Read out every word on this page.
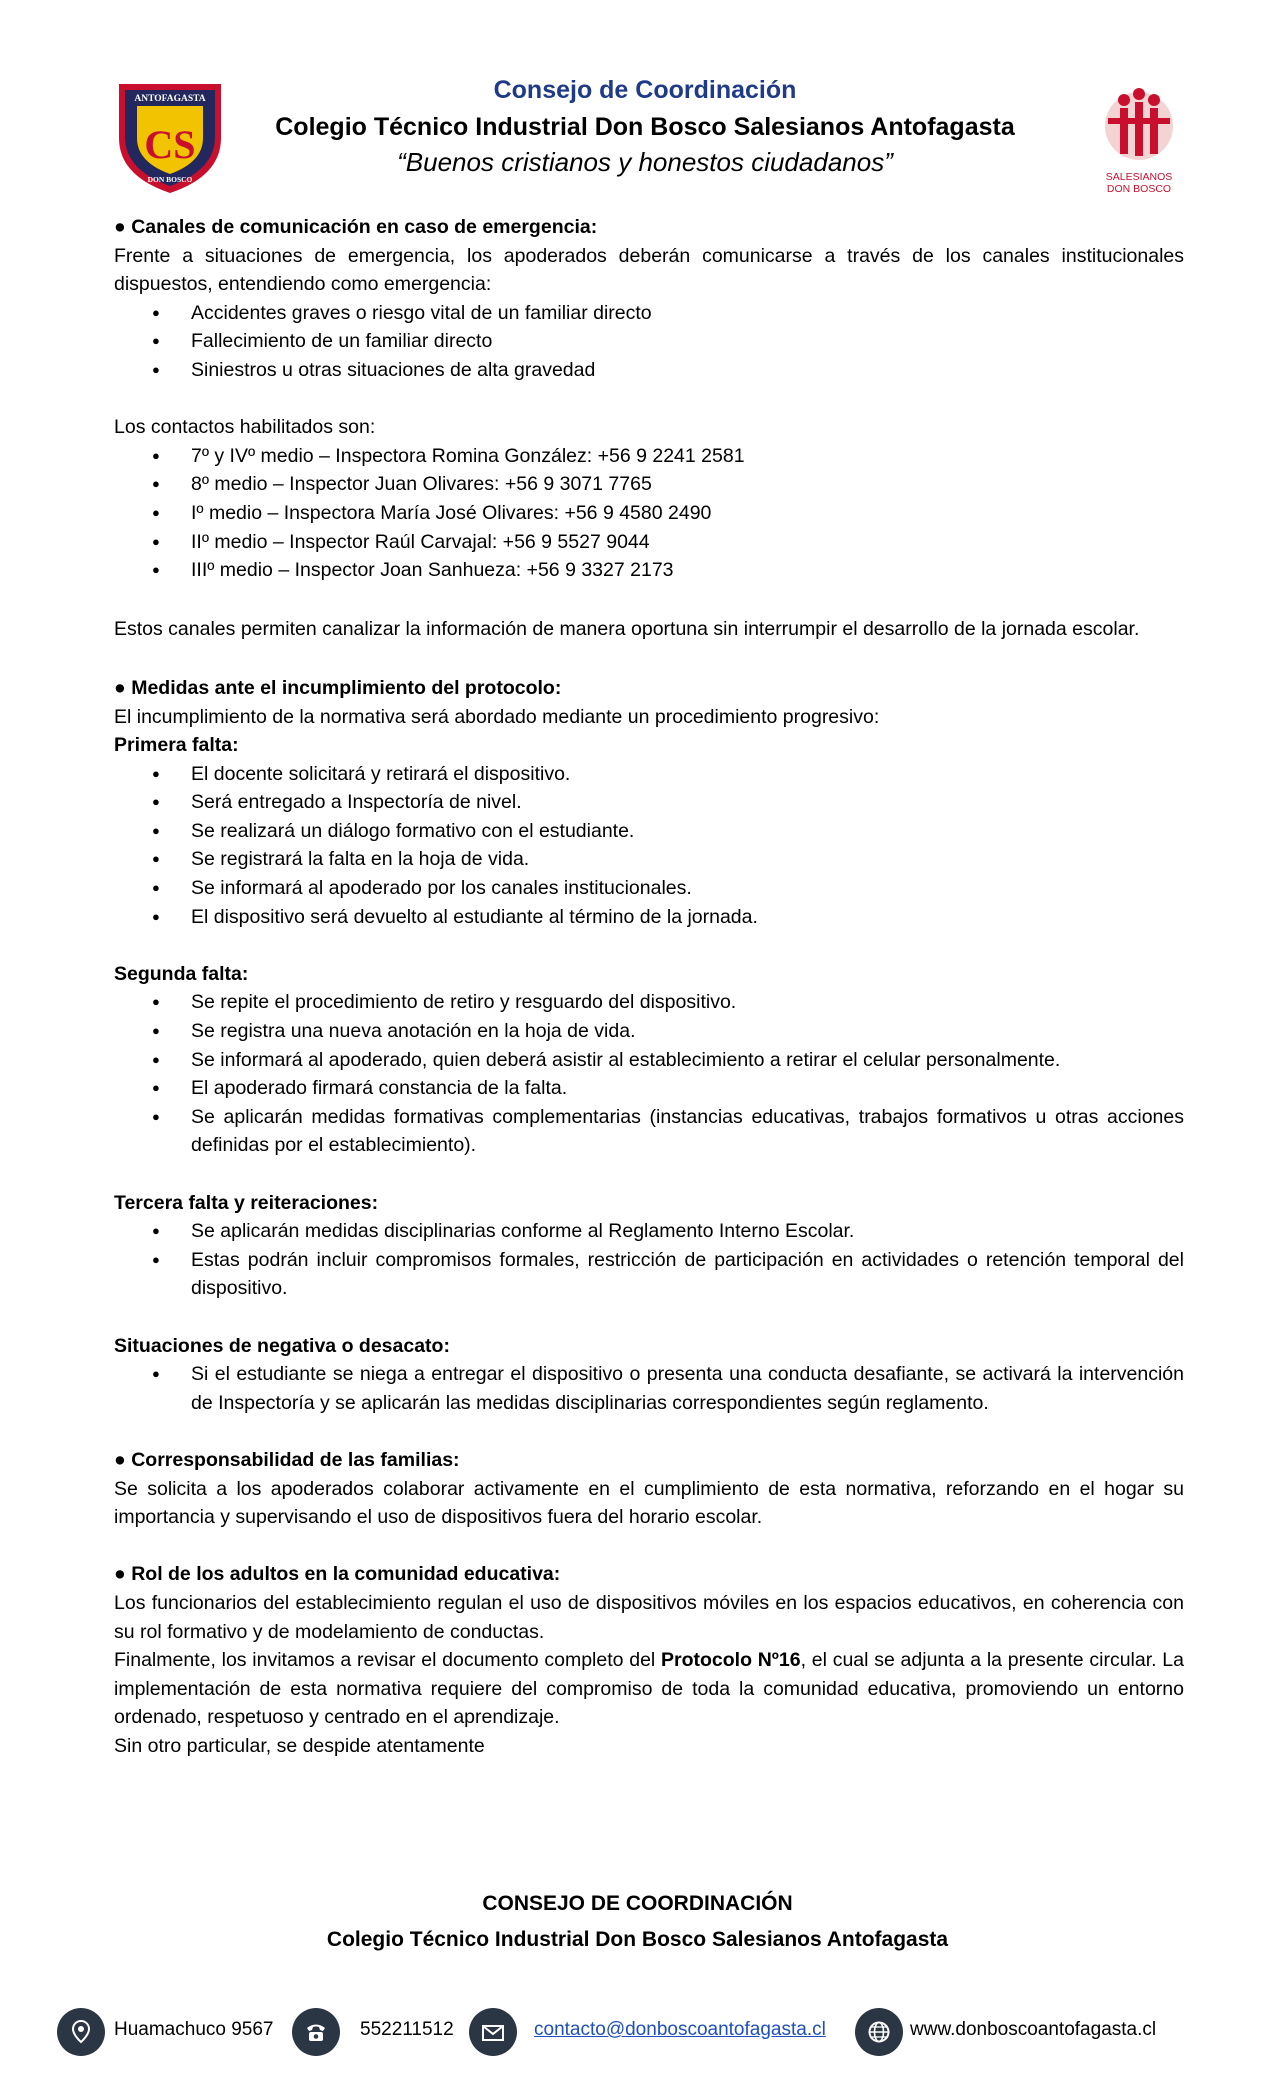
ANTOFAGASTA
CS
DON BOSCO
Consejo de Coordinación
Colegio Técnico Industrial Don Bosco Salesianos Antofagasta
“Buenos cristianos y honestos ciudadanos”	SALESIANOS
DON BOSCO

● Canales de comunicación en caso de emergencia:

Frente a situaciones de emergencia, los apoderados deberán comunicarse a través de los canales institucionales dispuestos, entendiendo como emergencia:

● Accidentes graves o riesgo vital de un familiar directo
● Fallecimiento de un familiar directo
● Siniestros u otras situaciones de alta gravedad

Los contactos habilitados son:

● 7º y IVº medio – Inspectora Romina González: +56 9 2241 2581
● 8º medio – Inspector Juan Olivares: +56 9 3071 7765
● Iº medio – Inspectora María José Olivares: +56 9 4580 2490
● IIº medio – Inspector Raúl Carvajal: +56 9 5527 9044
● IIIº medio – Inspector Joan Sanhueza: +56 9 3327 2173

Estos canales permiten canalizar la información de manera oportuna sin interrumpir el desarrollo de la jornada escolar.

● Medidas ante el incumplimiento del protocolo:

El incumplimiento de la normativa será abordado mediante un procedimiento progresivo:

Primera falta:

● El docente solicitará y retirará el dispositivo.
● Será entregado a Inspectoría de nivel.
● Se realizará un diálogo formativo con el estudiante.
● Se registrará la falta en la hoja de vida.
● Se informará al apoderado por los canales institucionales.
● El dispositivo será devuelto al estudiante al término de la jornada.

Segunda falta:

● Se repite el procedimiento de retiro y resguardo del dispositivo.
● Se registra una nueva anotación en la hoja de vida.
● Se informará al apoderado, quien deberá asistir al establecimiento a retirar el celular personalmente.
● El apoderado firmará constancia de la falta.
● Se aplicarán medidas formativas complementarias (instancias educativas, trabajos formativos u otras acciones definidas por el establecimiento).

Tercera falta y reiteraciones:

● Se aplicarán medidas disciplinarias conforme al Reglamento Interno Escolar.
● Estas podrán incluir compromisos formales, restricción de participación en actividades o retención temporal del dispositivo.

Situaciones de negativa o desacato:

● Si el estudiante se niega a entregar el dispositivo o presenta una conducta desafiante, se activará la intervención de Inspectoría y se aplicarán las medidas disciplinarias correspondientes según reglamento.

● Corresponsabilidad de las familias:

Se solicita a los apoderados colaborar activamente en el cumplimiento de esta normativa, reforzando en el hogar su importancia y supervisando el uso de dispositivos fuera del horario escolar.

● Rol de los adultos en la comunidad educativa:

Los funcionarios del establecimiento regulan el uso de dispositivos móviles en los espacios educativos, en coherencia con su rol formativo y de modelamiento de conductas.

Finalmente, los invitamos a revisar el documento completo del Protocolo Nº16, el cual se adjunta a la presente circular. La implementación de esta normativa requiere del compromiso de toda la comunidad educativa, promoviendo un entorno ordenado, respetuoso y centrado en el aprendizaje.

Sin otro particular, se despide atentamente

CONSEJO DE COORDINACIÓN
Colegio Técnico Industrial Don Bosco Salesianos Antofagasta
Huamachuco 9567	552211512	contacto@donboscoantofagasta.cl	www.donboscoantofagasta.cl
